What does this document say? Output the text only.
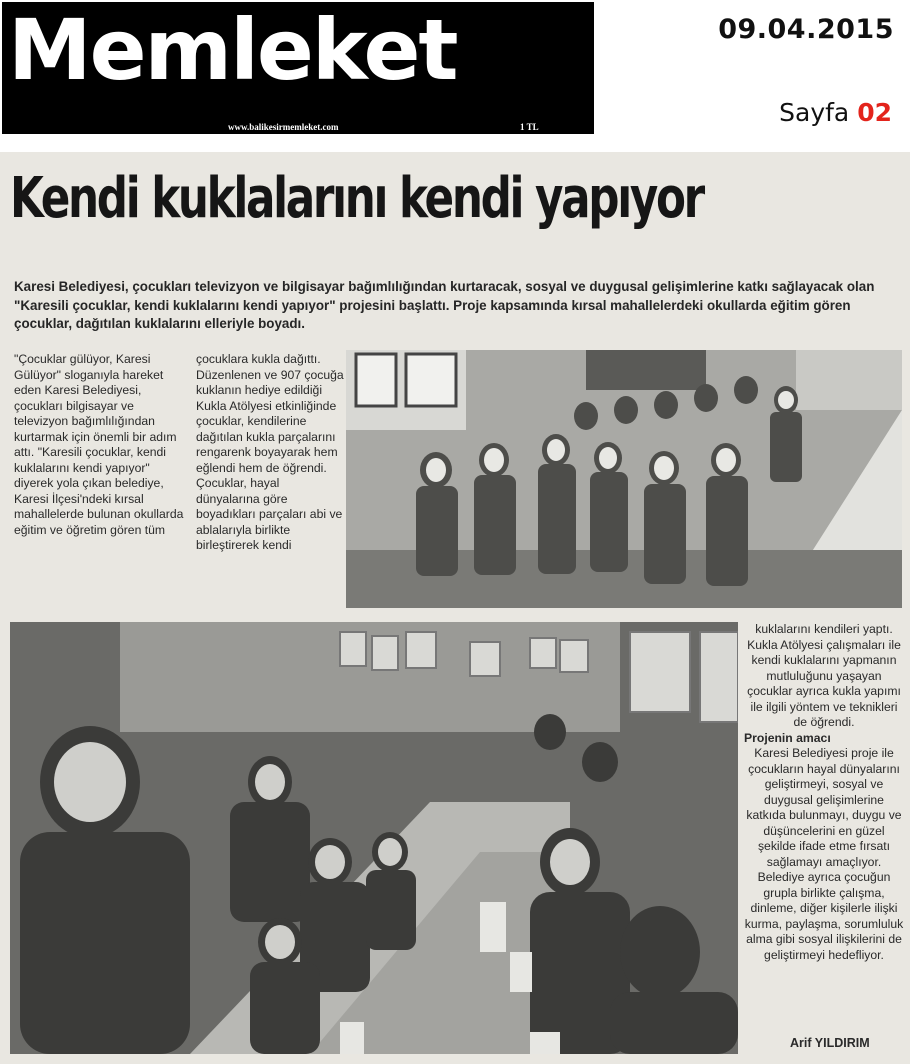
Memleket
www.balikesirmemleket.com	1 TL
09.04.2015
Sayfa 02
Kendi kuklalarını kendi yapıyor
Karesi Belediyesi, çocukları televizyon ve bilgisayar bağımlılığından kurtaracak, sosyal ve duygusal gelişimlerine katkı sağlayacak olan "Karesili çocuklar, kendi kuklalarını kendi yapıyor" projesini başlattı. Proje kapsamında kırsal mahallelerdeki okullarda eğitim gören çocuklar, dağıtılan kuklalarını elleriyle boyadı.
"Çocuklar gülüyor, Karesi Gülüyor" sloganıyla hareket eden Karesi Belediyesi, çocukları bilgisayar ve televizyon bağımlılığından kurtarmak için önemli bir adım attı. "Karesili çocuklar, kendi kuklalarını kendi yapıyor" diyerek yola çıkan belediye, Karesi İlçesi'ndeki kırsal mahallelerde bulunan okullarda eğitim ve öğretim gören tüm
çocuklara kukla dağıttı. Düzenlenen ve 907 çocuğa kuklanın hediye edildiği Kukla Atölyesi etkinliğinde çocuklar, kendilerine dağıtılan kukla parçalarını rengarenk boyayarak hem eğlendi hem de öğrendi. Çocuklar, hayal dünyalarına göre boyadıkları parçaları abi ve ablalarıyla birlikte birleştirerek kendi

kuklalarını kendileri yaptı. Kukla Atölyesi çalışmaları ile kendi kuklalarını yapmanın mutluluğunu yaşayan çocuklar ayrıca kukla yapımı ile ilgili yöntem ve teknikleri de öğrendi.

Projenin amacı

Karesi Belediyesi proje ile çocukların hayal dünyalarını geliştirmeyi, sosyal ve duygusal gelişimlerine katkıda bulunmayı, duygu ve düşüncelerini en güzel şekilde ifade etme fırsatı sağlamayı amaçlıyor. Belediye ayrıca çocuğun grupla birlikte çalışma, dinleme, diğer kişilerle ilişki kurma, paylaşma, sorumluluk alma gibi sosyal ilişkilerini de geliştirmeyi hedefliyor.

Arif YILDIRIM
